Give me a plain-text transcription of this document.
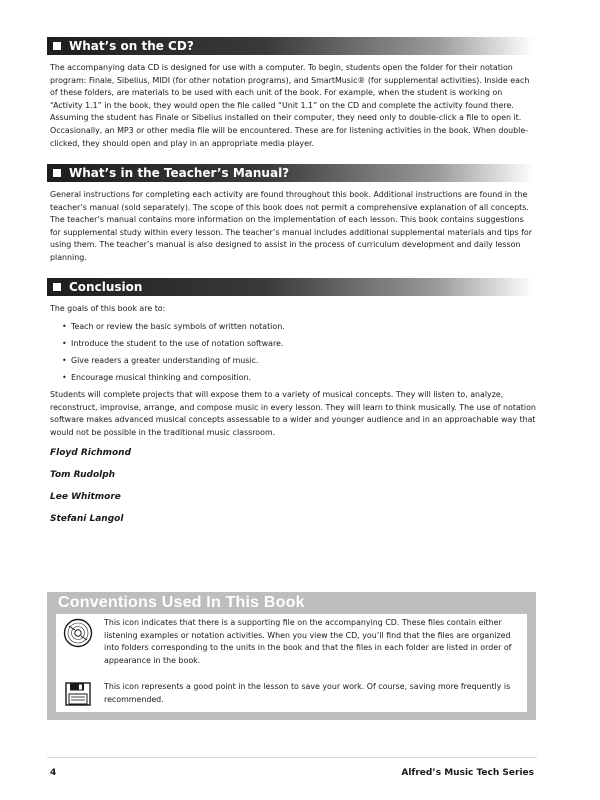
What’s on the CD?

The accompanying data CD is designed for use with a computer. To begin, students open the folder for their notation program: Finale, Sibelius, MIDI (for other notation programs), and SmartMusic® (for supplemental activities). Inside each of these folders, are materials to be used with each unit of the book. For example, when the student is working on “Activity 1.1” in the book, they would open the file called “Unit 1.1” on the CD and complete the activity found there. Assuming the student has Finale or Sibelius installed on their computer, they need only to double-click a file to open it. Occasionally, an MP3 or other media file will be encountered. These are for listening activities in the book. When double-clicked, they should open and play in an appropriate media player.

What’s in the Teacher’s Manual?

General instructions for completing each activity are found throughout this book. Additional instructions are found in the teacher’s manual (sold separately). The scope of this book does not permit a comprehensive explanation of all concepts. The teacher’s manual contains more information on the implementation of each lesson. This book contains suggestions for supplemental study within every lesson. The teacher’s manual includes additional supplemental materials and tips for using them. The teacher’s manual is also designed to assist in the process of curriculum development and daily lesson planning.

Conclusion

The goals of this book are to:

• Teach or review the basic symbols of written notation.
• Introduce the student to the use of notation software.
• Give readers a greater understanding of music.
• Encourage musical thinking and composition.

Students will complete projects that will expose them to a variety of musical concepts. They will listen to, analyze, reconstruct, improvise, arrange, and compose music in every lesson. They will learn to think musically. The use of notation software makes advanced musical concepts assessable to a wider and younger audience and in an approachable way that would not be possible in the traditional music classroom.

Floyd Richmond
Tom Rudolph
Lee Whitmore
Stefani Langol
Conventions Used In This Book

This icon indicates that there is a supporting file on the accompanying CD. These files contain either listening examples or notation activities. When you view the CD, you’ll find that the files are organized into folders corresponding to the units in the book and that the files in each folder are listed in order of appearance in the book.

This icon represents a good point in the lesson to save your work. Of course, saving more frequently is recommended.

4	Alfred’s Music Tech Series
